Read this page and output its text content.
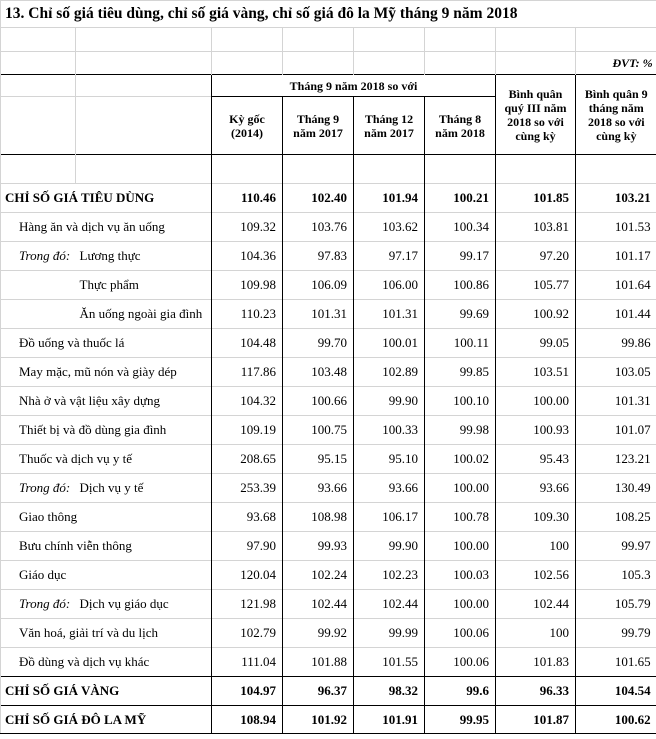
13. Chỉ số giá tiêu dùng, chỉ số giá vàng, chỉ số giá đô la Mỹ tháng 9 năm 2018							

							ĐVT: %
		Tháng 9 năm 2018 so với				Bình quân quý III năm 2018 so với cùng kỳ	Bình quân 9 tháng năm 2018 so với cùng kỳ
		Kỳ gốc (2014)	Tháng 9 năm 2017	Tháng 12 năm 2017	Tháng 8 năm 2018		

CHỈ SỐ GIÁ TIÊU DÙNG		110.46	102.40	101.94	100.21	101.85	103.21
Hàng ăn và dịch vụ ăn uống		109.32	103.76	103.62	100.34	103.81	101.53
Trong đó:	Lương thực	104.36	97.83	97.17	99.17	97.20	101.17
	Thực phẩm	109.98	106.09	106.00	100.86	105.77	101.64
	Ăn uống ngoài gia đình	110.23	101.31	101.31	99.69	100.92	101.44
Đồ uống và thuốc lá		104.48	99.70	100.01	100.11	99.05	99.86
May mặc, mũ nón và giày dép		117.86	103.48	102.89	99.85	103.51	103.05
Nhà ở và vật liệu xây dựng		104.32	100.66	99.90	100.10	100.00	101.31
Thiết bị và đồ dùng gia đình		109.19	100.75	100.33	99.98	100.93	101.07
Thuốc và dịch vụ y tế		208.65	95.15	95.10	100.02	95.43	123.21
Trong đó:	Dịch vụ y tế	253.39	93.66	93.66	100.00	93.66	130.49
Giao thông		93.68	108.98	106.17	100.78	109.30	108.25
Bưu chính viễn thông		97.90	99.93	99.90	100.00	100	99.97
Giáo dục		120.04	102.24	102.23	100.03	102.56	105.3
Trong đó:	Dịch vụ giáo dục	121.98	102.44	102.44	100.00	102.44	105.79
Văn hoá, giải trí và du lịch		102.79	99.92	99.99	100.06	100	99.79
Đồ dùng và dịch vụ khác		111.04	101.88	101.55	100.06	101.83	101.65
CHỈ SỐ GIÁ VÀNG		104.97	96.37	98.32	99.6	96.33	104.54
CHỈ SỐ GIÁ ĐÔ LA MỸ		108.94	101.92	101.91	99.95	101.87	100.62
